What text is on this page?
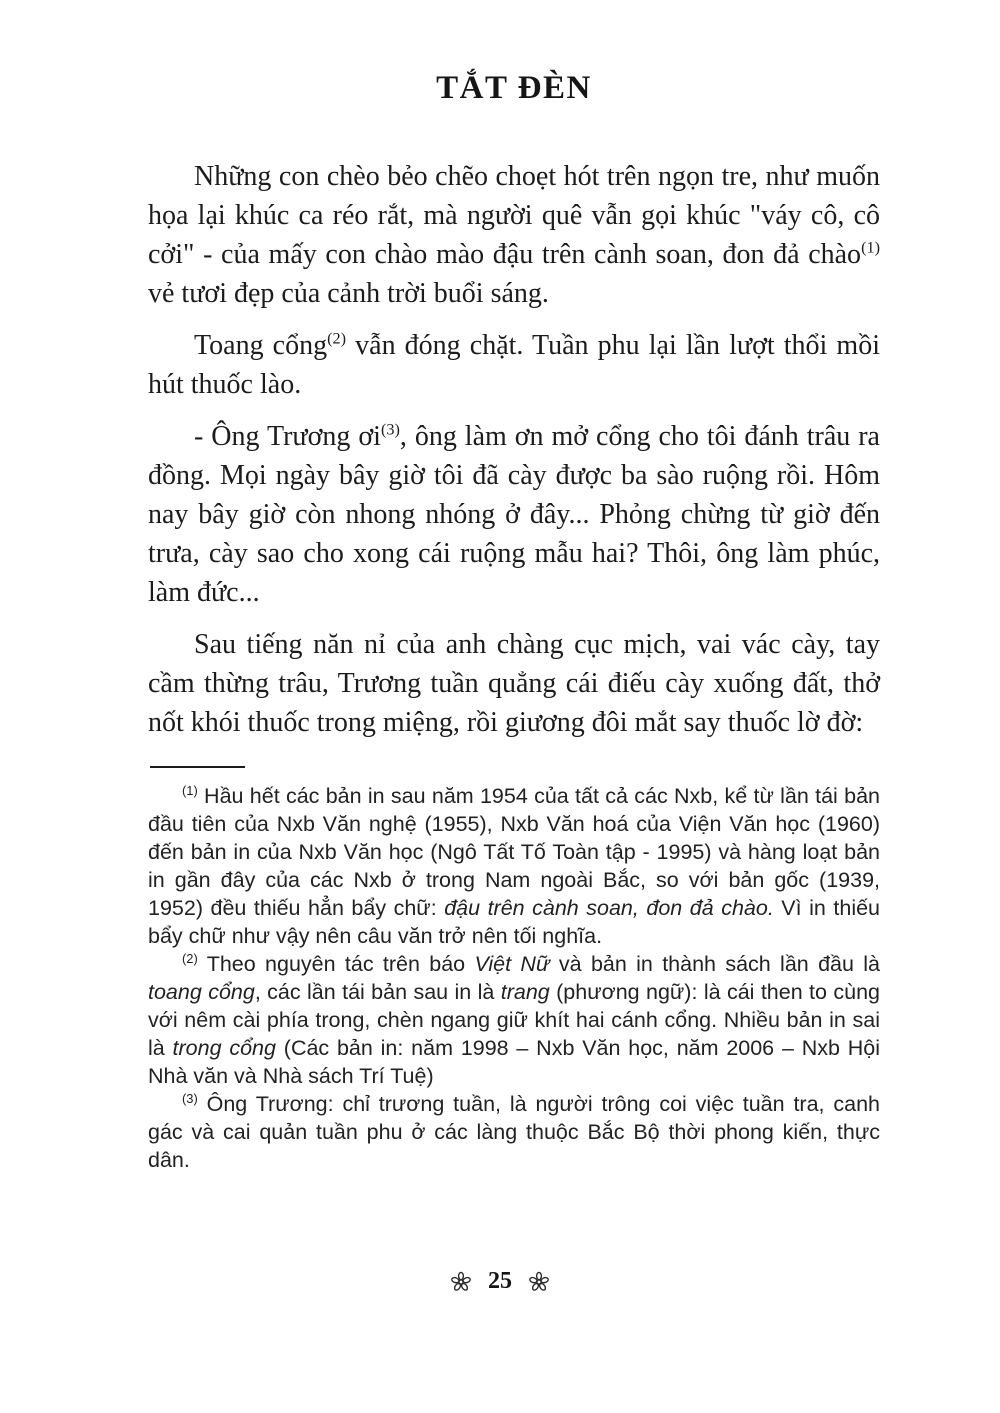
TẮT ĐÈN

Những con chèo bẻo chẽo choẹt hót trên ngọn tre, như muốn họa lại khúc ca réo rắt, mà người quê vẫn gọi khúc "váy cô, cô cởi" - của mấy con chào mào đậu trên cành soan, đon đả chào$^{(1)}$ vẻ tươi đẹp của cảnh trời buổi sáng.

Toang cổng$^{(2)}$ vẫn đóng chặt. Tuần phu lại lần lượt thổi mồi hút thuốc lào.

- Ông Trương ơi$^{(3)}$, ông làm ơn mở cổng cho tôi đánh trâu ra đồng. Mọi ngày bây giờ tôi đã cày được ba sào ruộng rồi. Hôm nay bây giờ còn nhong nhóng ở đây... Phỏng chừng từ giờ đến trưa, cày sao cho xong cái ruộng mẫu hai? Thôi, ông làm phúc, làm đức...

Sau tiếng năn nỉ của anh chàng cục mịch, vai vác cày, tay cầm thừng trâu, Trương tuần quẳng cái điếu cày xuống đất, thở nốt khói thuốc trong miệng, rồi giương đôi mắt say thuốc lờ đờ:

$^{(1)}$ Hầu hết các bản in sau năm 1954 của tất cả các Nxb, kể từ lần tái bản đầu tiên của Nxb Văn nghệ (1955), Nxb Văn hoá của Viện Văn học (1960) đến bản in của Nxb Văn học (Ngô Tất Tố Toàn tập - 1995) và hàng loạt bản in gần đây của các Nxb ở trong Nam ngoài Bắc, so với bản gốc (1939, 1952) đều thiếu hẳn bẩy chữ: đậu trên cành soan, đon đả chào. Vì in thiếu bẩy chữ như vậy nên câu văn trở nên tối nghĩa.

$^{(2)}$ Theo nguyên tác trên báo Việt Nữ và bản in thành sách lần đầu là toang cổng, các lần tái bản sau in là trang (phương ngữ): là cái then to cùng với nêm cài phía trong, chèn ngang giữ khít hai cánh cổng. Nhiều bản in sai là trong cổng (Các bản in: năm 1998 – Nxb Văn học, năm 2006 – Nxb Hội Nhà văn và Nhà sách Trí Tuệ)

$^{(3)}$ Ông Trương: chỉ trương tuần, là người trông coi việc tuần tra, canh gác và cai quản tuần phu ở các làng thuộc Bắc Bộ thời phong kiến, thực dân.

25
